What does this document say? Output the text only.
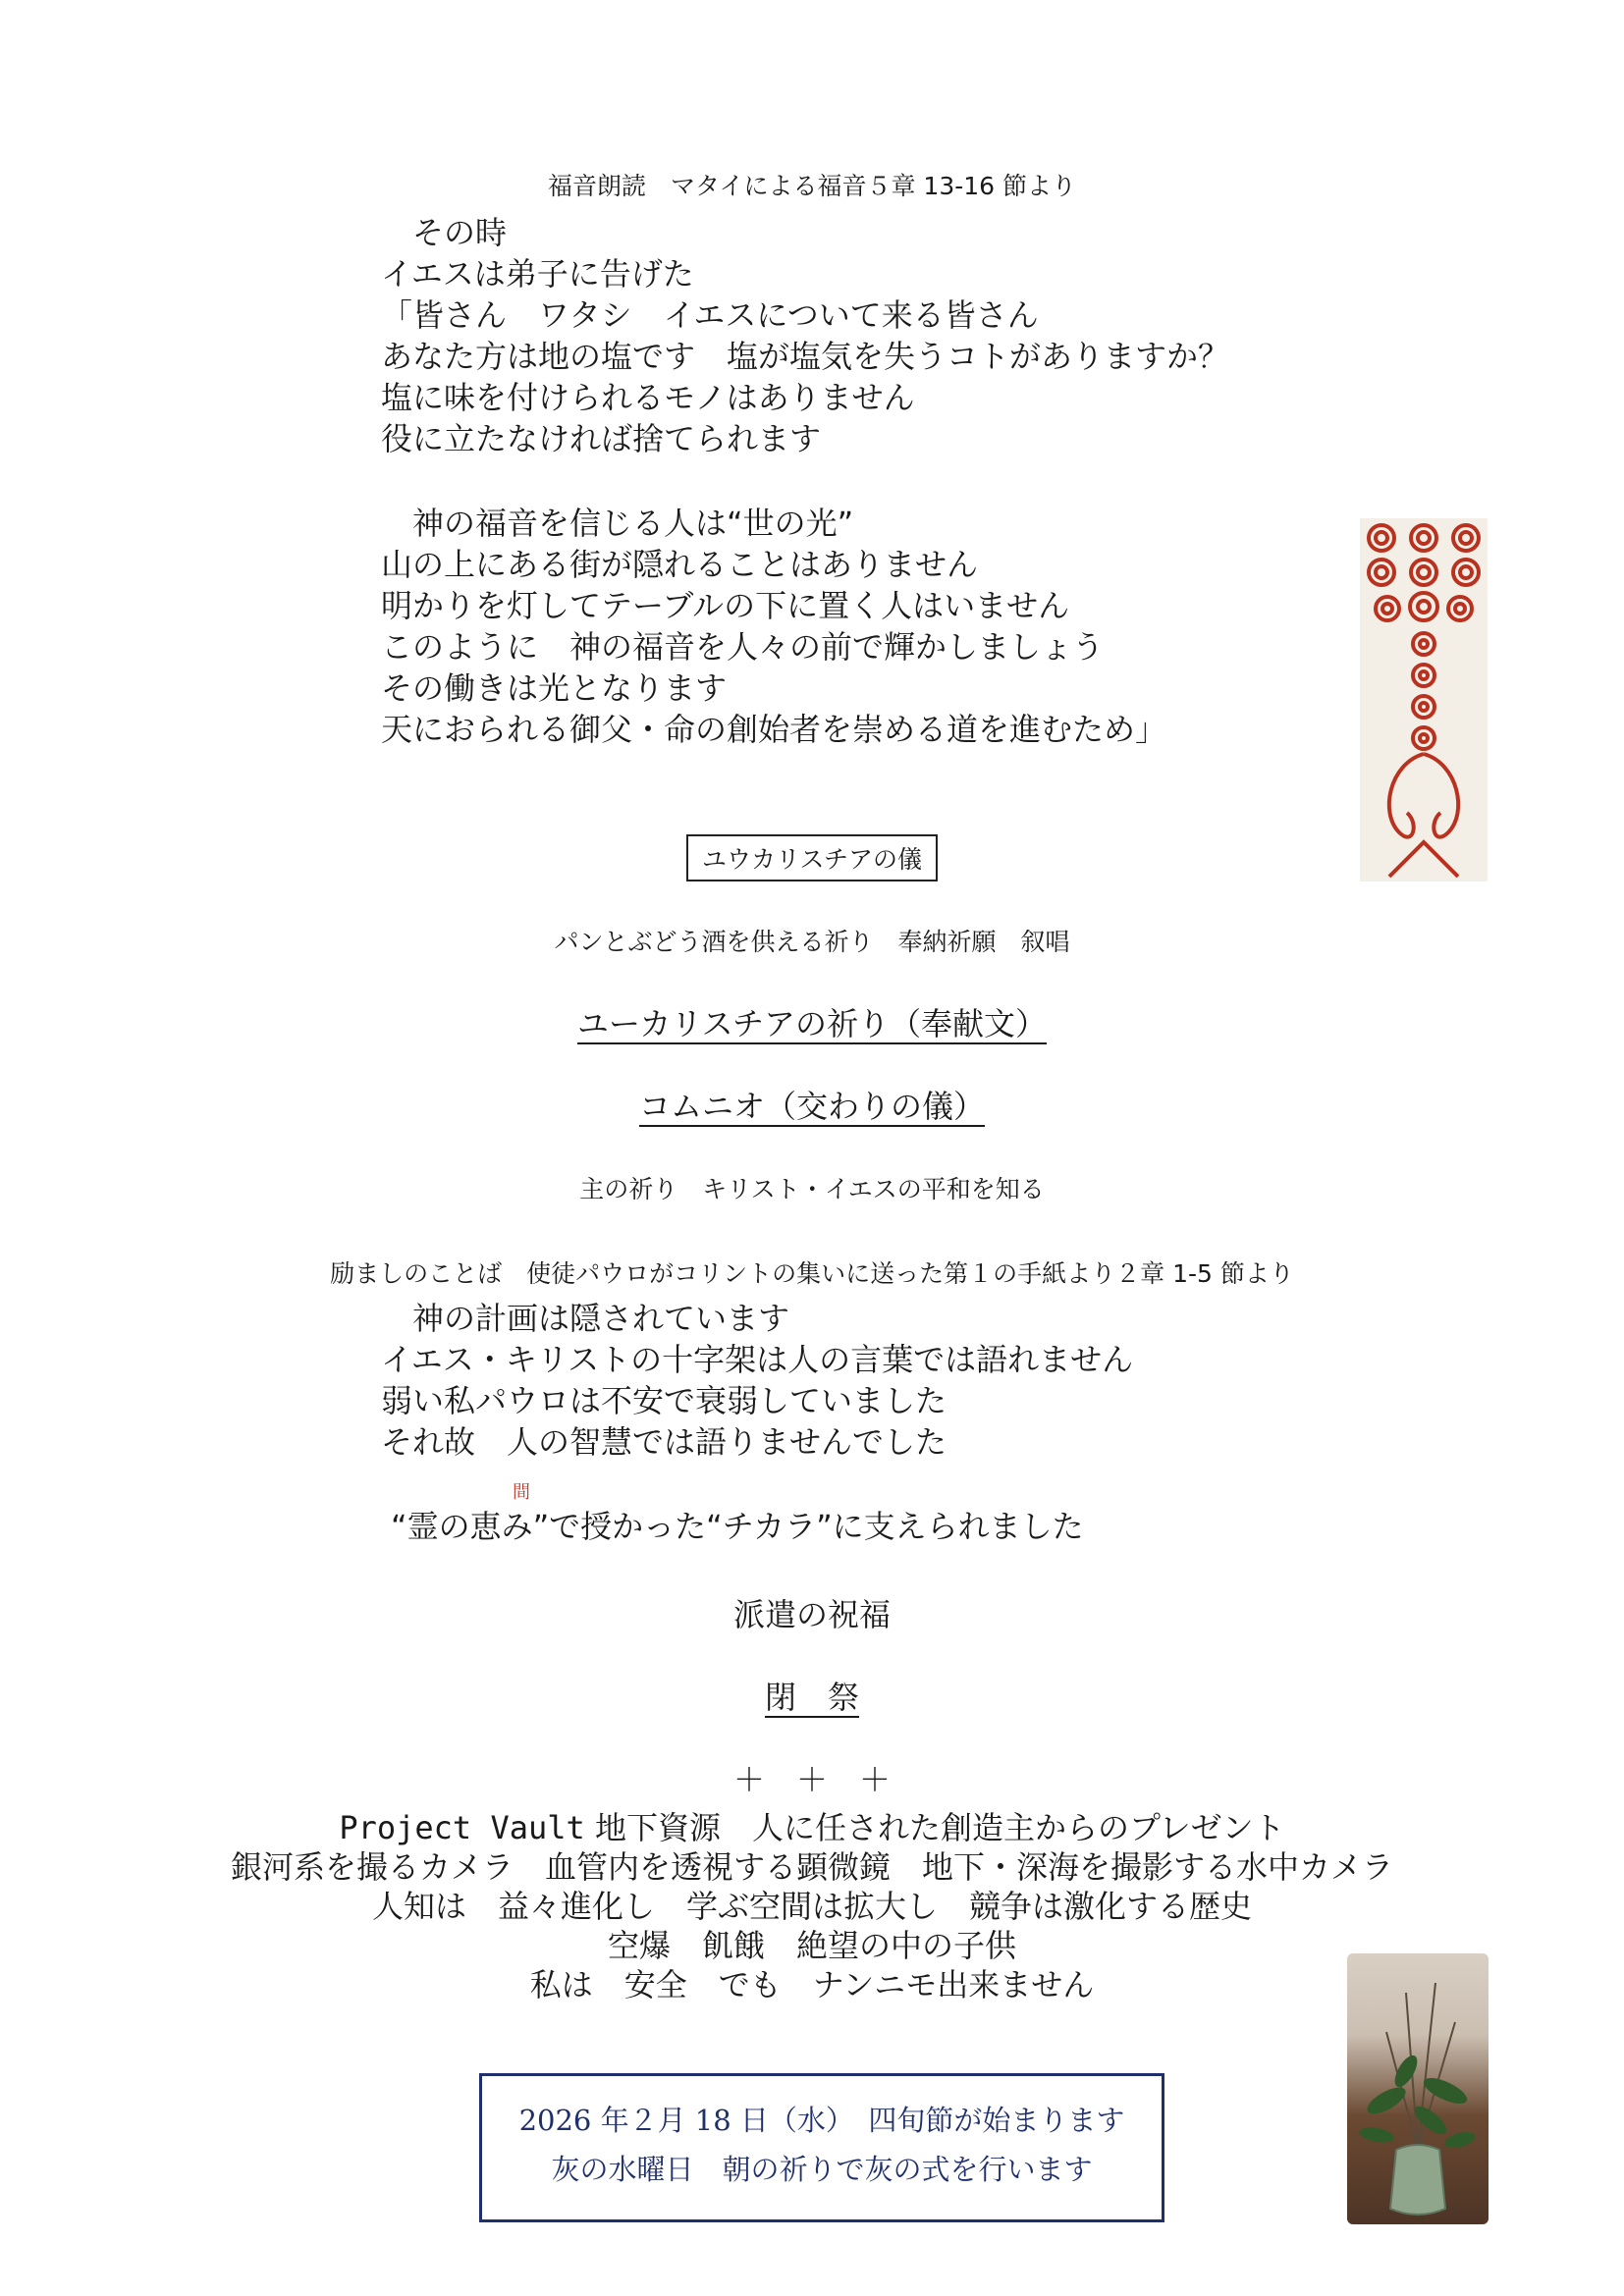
福音朗読　マタイによる福音５章 13-16 節より
　その時
イエスは弟子に告げた
「皆さん　ワタシ　イエスについて来る皆さん
あなた方は地の塩です　塩が塩気を失うコトがありますか？
塩に味を付けられるモノはありません
役に立たなければ捨てられます
　神の福音を信じる人は“世の光”
山の上にある街が隠れることはありません
明かりを灯してテーブルの下に置く人はいません
このように　神の福音を人々の前で輝かしましょう
その働きは光となります
天におられる御父・命の創始者を崇める道を進むため」
ユウカリスチアの儀
パンとぶどう酒を供える祈り　奉納祈願　叙唱
ユーカリスチアの祈り（奉献文）
コムニオ（交わりの儀）
主の祈り　キリスト・イエスの平和を知る
励ましのことば　使徒パウロがコリントの集いに送った第１の手紙より２章 1-5 節より
　神の計画は隠されています
イエス・キリストの十字架は人の言葉では語れません
弱い私パウロは不安で衰弱していました
それ故　人の智慧では語りませんでした
間
“霊の恵み”で授かった“チカラ”に支えられました
派遣の祝福
閉　祭
＋　＋　＋
Project Vault 地下資源　人に任された創造主からのプレゼント
銀河系を撮るカメラ　血管内を透視する顕微鏡　地下・深海を撮影する水中カメラ
人知は　益々進化し　学ぶ空間は拡大し　競争は激化する歴史
空爆　飢餓　絶望の中の子供
私は　安全　でも　ナンニモ出来ません
2026 年２月 18 日（水）　四旬節が始まります
灰の水曜日　朝の祈りで灰の式を行います
